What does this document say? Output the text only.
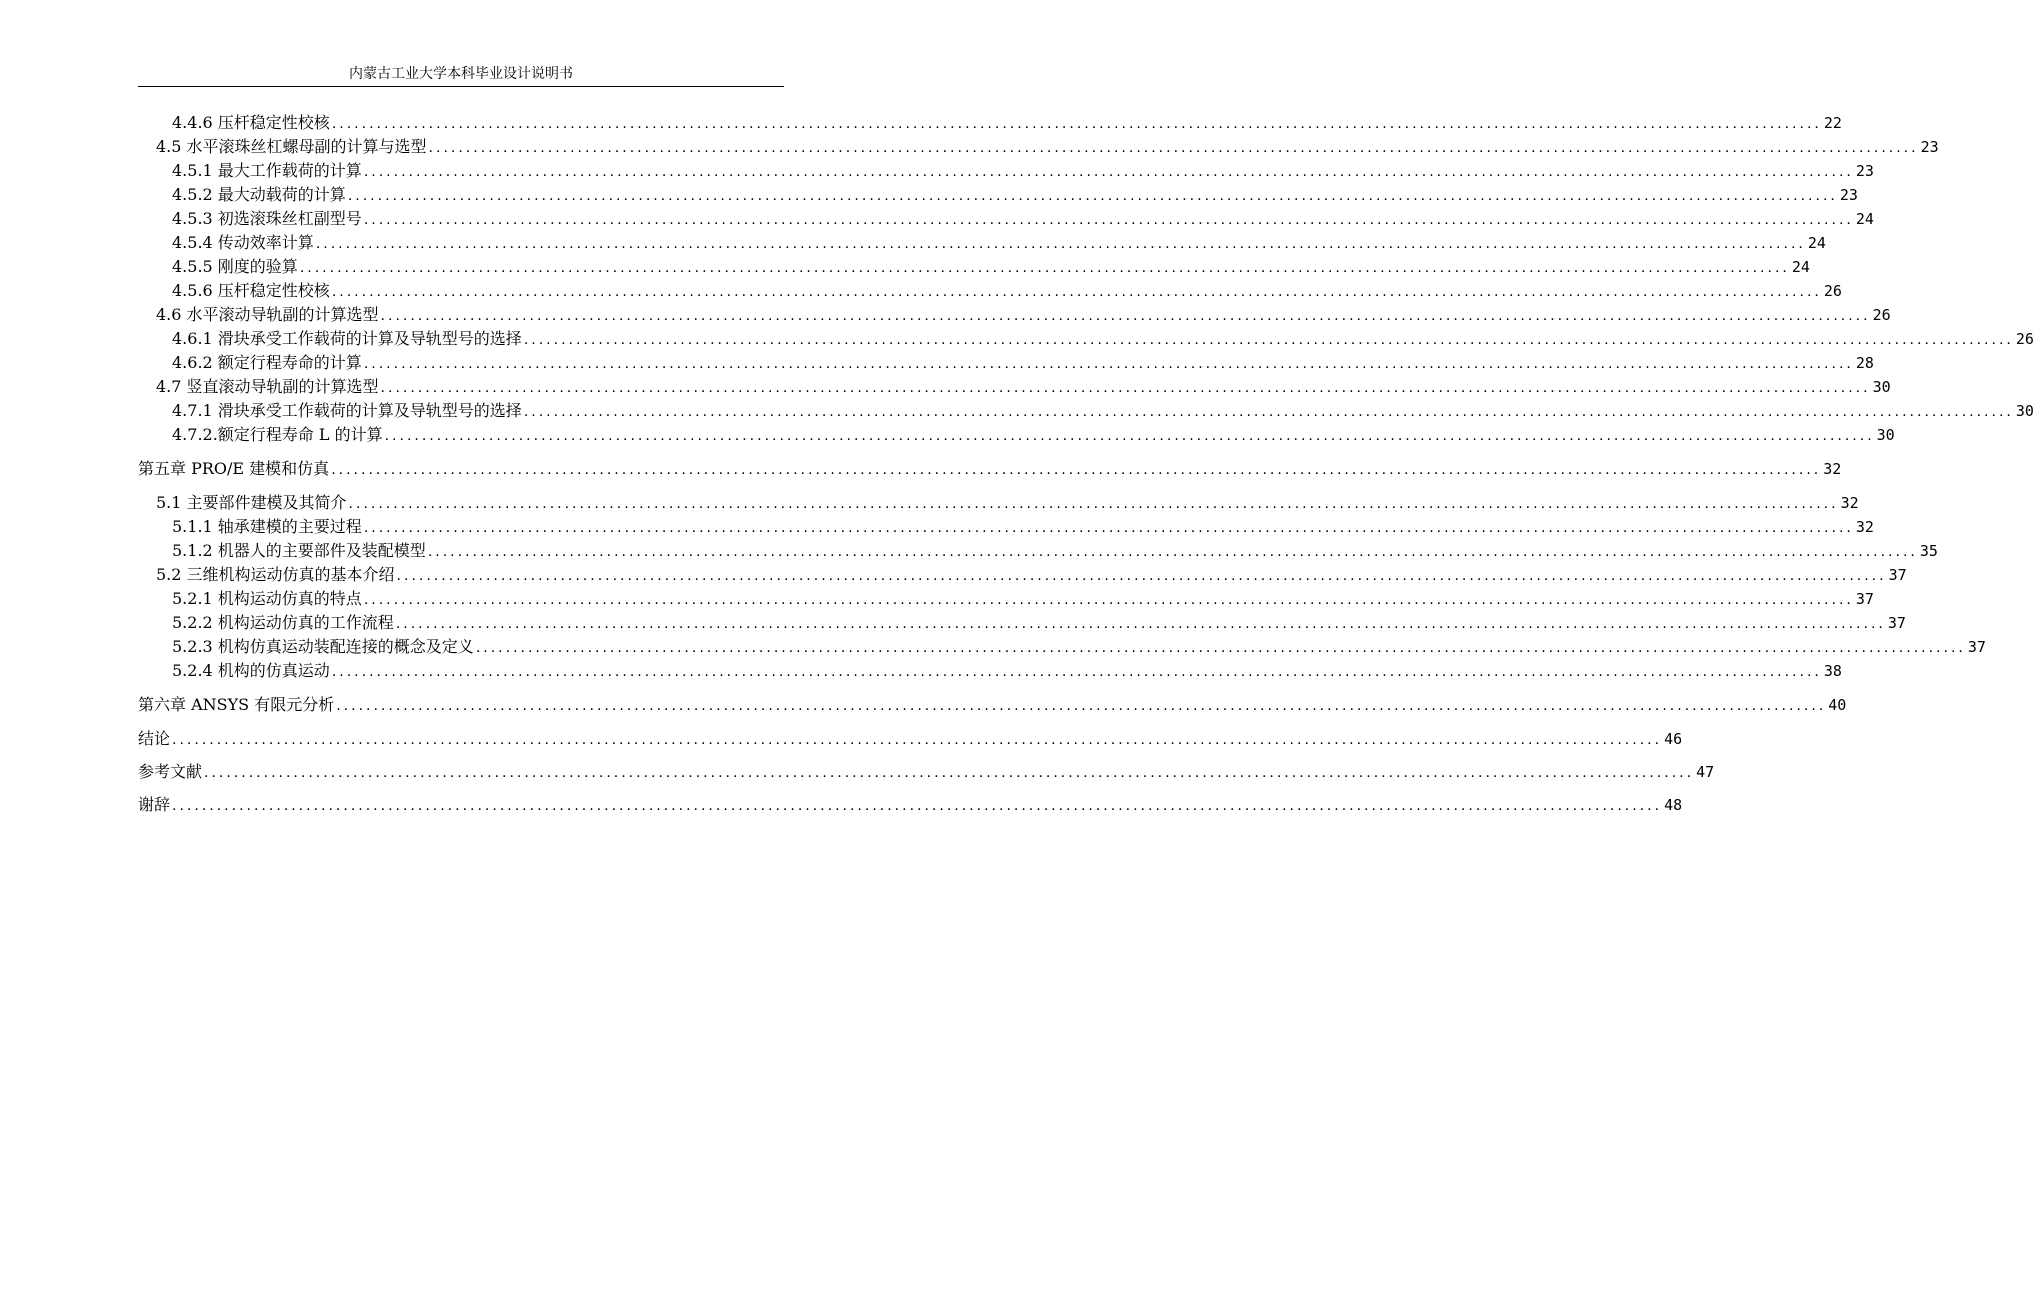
内蒙古工业大学本科毕业设计说明书
4.4.6 压杆稳定性校核 ........................................................................................................................................................................................................ 22
4.5 水平滚珠丝杠螺母副的计算与选型 ........................................................................................................................................................................................................ 23
4.5.1 最大工作载荷的计算 ........................................................................................................................................................................................................ 23
4.5.2 最大动载荷的计算 ........................................................................................................................................................................................................ 23
4.5.3 初选滚珠丝杠副型号 ........................................................................................................................................................................................................ 24
4.5.4 传动效率计算 ........................................................................................................................................................................................................ 24
4.5.5 刚度的验算 ........................................................................................................................................................................................................ 24
4.5.6 压杆稳定性校核 ........................................................................................................................................................................................................ 26
4.6 水平滚动导轨副的计算选型 ........................................................................................................................................................................................................ 26
4.6.1 滑块承受工作载荷的计算及导轨型号的选择 ........................................................................................................................................................................................................ 26
4.6.2 额定行程寿命的计算 ........................................................................................................................................................................................................ 28
4.7 竖直滚动导轨副的计算选型 ........................................................................................................................................................................................................ 30
4.7.1 滑块承受工作载荷的计算及导轨型号的选择 ........................................................................................................................................................................................................ 30
4.7.2.额定行程寿命 L 的计算 ........................................................................................................................................................................................................ 30
第五章 PRO/E 建模和仿真 ........................................................................................................................................................................................................ 32
5.1 主要部件建模及其简介 ........................................................................................................................................................................................................ 32
5.1.1 轴承建模的主要过程 ........................................................................................................................................................................................................ 32
5.1.2 机器人的主要部件及装配模型 ........................................................................................................................................................................................................ 35
5.2 三维机构运动仿真的基本介绍 ........................................................................................................................................................................................................ 37
5.2.1 机构运动仿真的特点 ........................................................................................................................................................................................................ 37
5.2.2 机构运动仿真的工作流程 ........................................................................................................................................................................................................ 37
5.2.3 机构仿真运动装配连接的概念及定义 ........................................................................................................................................................................................................ 37
5.2.4 机构的仿真运动 ........................................................................................................................................................................................................ 38
第六章 ANSYS 有限元分析 ........................................................................................................................................................................................................ 40
结论 ........................................................................................................................................................................................................ 46
参考文献 ........................................................................................................................................................................................................ 47
谢辞 ........................................................................................................................................................................................................ 48
